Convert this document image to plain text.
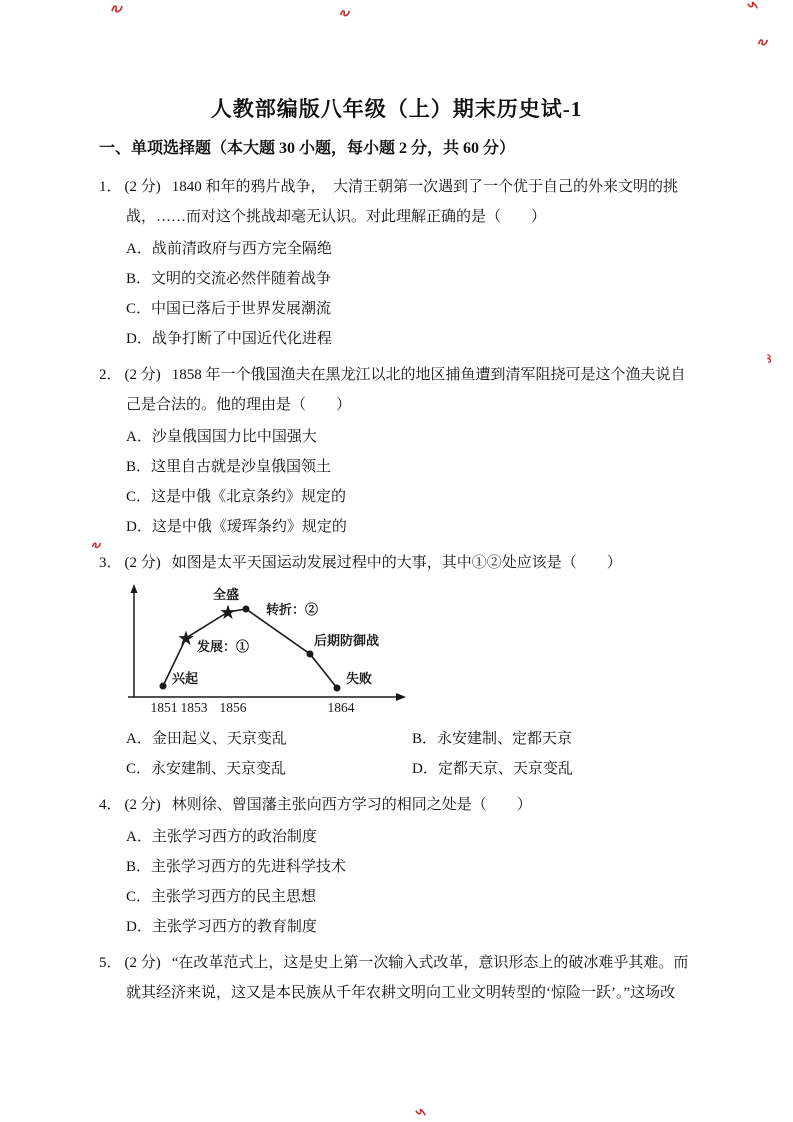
人教部编版八年级（上）期末历史试-1
一、单项选择题（本大题 30 小题，每小题 2 分，共 60 分）

1． (2 分) 1840 和年的鸦片战争，　大清王朝第一次遇到了一个优于自己的外来文明的挑战，……而对这个挑战却毫无认识。对此理解正确的是（　　）

A．战前清政府与西方完全隔绝

B．文明的交流必然伴随着战争

C．中国已落后于世界发展潮流

D．战争打断了中国近代化进程

2． (2 分) 1858 年一个俄国渔夫在黑龙江以北的地区捕鱼遭到清军阻挠可是这个渔夫说自己是合法的。他的理由是（　　）

A．沙皇俄国国力比中国强大

B．这里自古就是沙皇俄国领土

C．这是中俄《北京条约》规定的

D．这是中俄《瑷珲条约》规定的

3． (2 分) 如图是太平天国运动发展过程中的大事，其中①②处应该是（　　）

★
★
兴起
发展：①
全盛
转折：②
后期防御战
失败
1851 1853 1856	1864

A．金田起义、天京变乱	B．永安建制、定都天京

C．永安建制、天京变乱	D．定都天京、天京变乱

4． (2 分) 林则徐、曾国藩主张向西方学习的相同之处是（　　）

A．主张学习西方的政治制度

B．主张学习西方的先进科学技术

C．主张学习西方的民主思想

D．主张学习西方的教育制度

5． (2 分) “在改革范式上，这是史上第一次输入式改革，意识形态上的破冰难乎其难。而就其经济来说，这又是本民族从千年农耕文明向工业文明转型的‘惊险一跃’。”这场改
